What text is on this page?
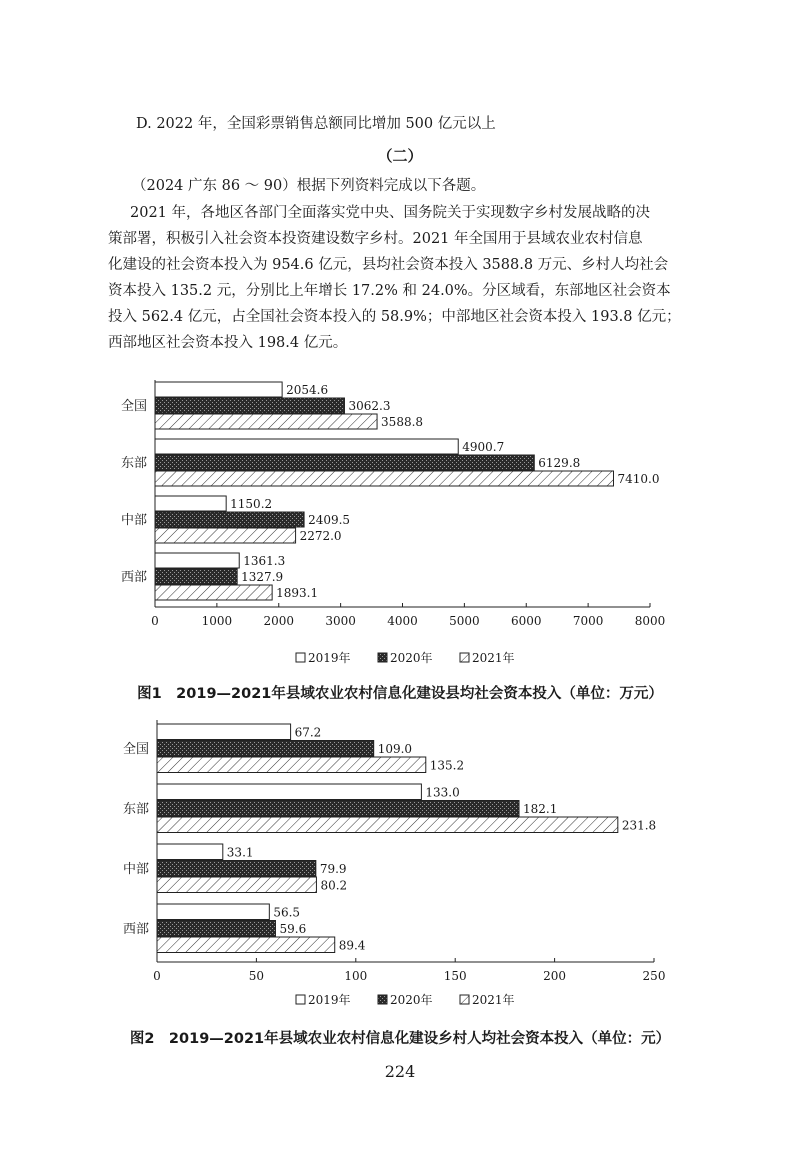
D. 2022 年，全国彩票销售总额同比增加 500 亿元以上

（二）

（2024 广东 86 ～ 90）根据下列资料完成以下各题。

2021 年，各地区各部门全面落实党中央、国务院关于实现数字乡村发展战略的决
策部署，积极引入社会资本投资建设数字乡村。2021 年全国用于县域农业农村信息
化建设的社会资本投入为 954.6 亿元，县均社会资本投入 3588.8 万元、乡村人均社会
资本投入 135.2 元，分别比上年增长 17.2% 和 24.0%。分区域看，东部地区社会资本
投入 562.4 亿元，占全国社会资本投入的 58.9%；中部地区社会资本投入 193.8 亿元；
西部地区社会资本投入 198.4 亿元。
0	1000	2000	3000	4000	5000	6000	7000	8000
全国
2054.6
3062.3
3588.8
东部
4900.7
6129.8
7410.0
中部
1150.2
2409.5
2272.0
西部
1361.3
1327.9
1893.1
2019年	2020年	2021年
图1　2019—2021年县域农业农村信息化建设县均社会资本投入（单位：万元）
0	50	100	150	200	250
全国
67.2
109.0
135.2
东部
133.0
182.1
231.8
中部
33.1
79.9
80.2
西部
56.5
59.6
89.4
2019年	2020年	2021年
图2　2019—2021年县域农业农村信息化建设乡村人均社会资本投入（单位：元）
224
